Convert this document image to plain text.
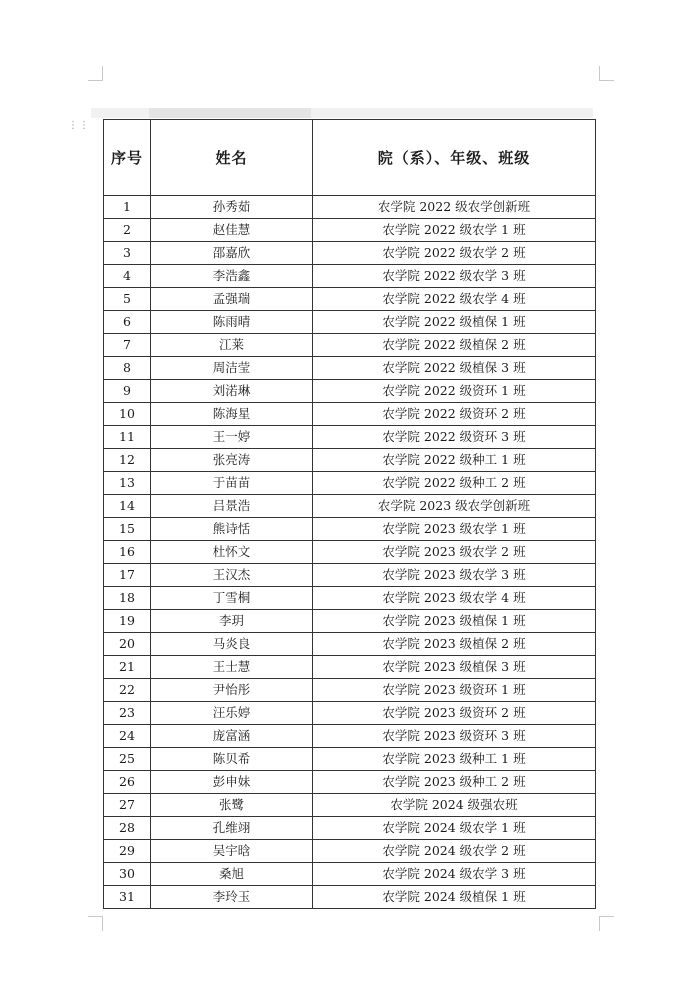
⋮⋮
序号	姓名	院（系）、年级、班级
1	孙秀茹	农学院 2022 级农学创新班
2	赵佳慧	农学院 2022 级农学 1 班
3	邵嘉欣	农学院 2022 级农学 2 班
4	李浩鑫	农学院 2022 级农学 3 班
5	孟强瑞	农学院 2022 级农学 4 班
6	陈雨晴	农学院 2022 级植保 1 班
7	江莱	农学院 2022 级植保 2 班
8	周洁莹	农学院 2022 级植保 3 班
9	刘渃琳	农学院 2022 级资环 1 班
10	陈海星	农学院 2022 级资环 2 班
11	王一婷	农学院 2022 级资环 3 班
12	张亮涛	农学院 2022 级种工 1 班
13	于苗苗	农学院 2022 级种工 2 班
14	吕景浩	农学院 2023 级农学创新班
15	熊诗恬	农学院 2023 级农学 1 班
16	杜怀文	农学院 2023 级农学 2 班
17	王汉杰	农学院 2023 级农学 3 班
18	丁雪桐	农学院 2023 级农学 4 班
19	李玥	农学院 2023 级植保 1 班
20	马炎良	农学院 2023 级植保 2 班
21	王士慧	农学院 2023 级植保 3 班
22	尹怡彤	农学院 2023 级资环 1 班
23	汪乐婷	农学院 2023 级资环 2 班
24	庞富涵	农学院 2023 级资环 3 班
25	陈贝希	农学院 2023 级种工 1 班
26	彭申妹	农学院 2023 级种工 2 班
27	张鹭	农学院 2024 级强农班
28	孔维翊	农学院 2024 级农学 1 班
29	吴宇晗	农学院 2024 级农学 2 班
30	桑旭	农学院 2024 级农学 3 班
31	李玲玉	农学院 2024 级植保 1 班
